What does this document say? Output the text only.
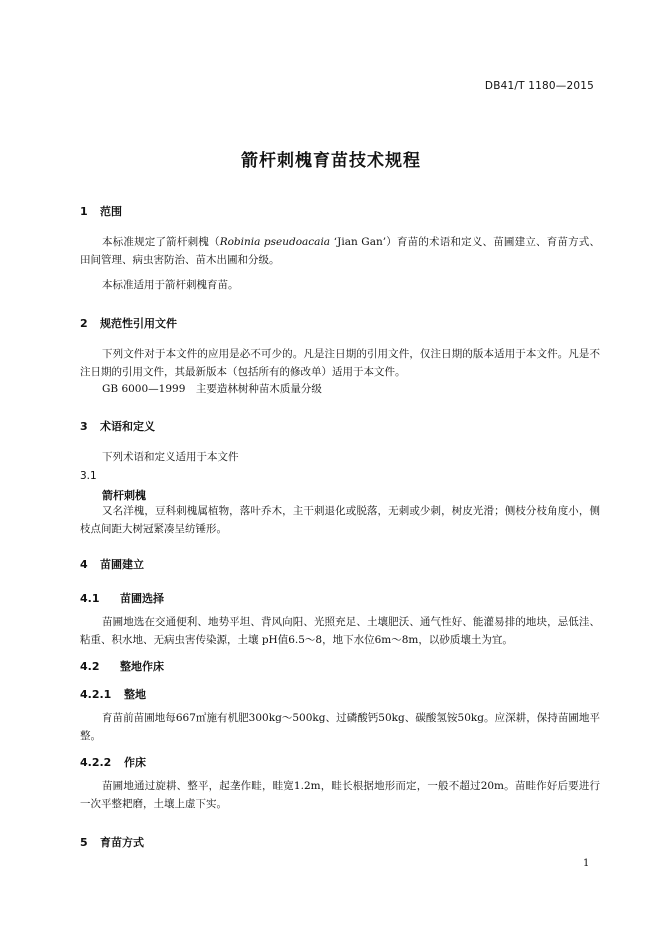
DB41/T 1180—2015
箭杆刺槐育苗技术规程
1 范围
本标准规定了箭杆刺槐（Robinia pseudoacaia ‘Jian Gan’）育苗的术语和定义、苗圃建立、育苗方式、田间管理、病虫害防治、苗木出圃和分级。
本标准适用于箭杆刺槐育苗。
2 规范性引用文件
下列文件对于本文件的应用是必不可少的。凡是注日期的引用文件，仅注日期的版本适用于本文件。凡是不注日期的引用文件，其最新版本（包括所有的修改单）适用于本文件。
GB 6000—1999　主要造林树种苗木质量分级
3 术语和定义
下列术语和定义适用于本文件
3.1
箭杆刺槐
又名洋槐，豆科刺槐属植物，落叶乔木，主干刺退化或脱落，无刺或少刺，树皮光滑；侧枝分枝角度小，侧枝点间距大树冠紧凑呈纺锤形。
4 苗圃建立
4.1 苗圃选择
苗圃地选在交通便利、地势平坦、背风向阳、光照充足、土壤肥沃、通气性好、能灌易排的地块，忌低洼、粘重、积水地、无病虫害传染源，土壤 pH值6.5～8，地下水位6m～8m，以砂质壤土为宜。
4.2 整地作床
4.2.1 整地
育苗前苗圃地每667㎡施有机肥300kg～500kg、过磷酸钙50kg、碳酸氢铵50kg。应深耕，保持苗圃地平整。
4.2.2 作床
苗圃地通过旋耕、整平，起垄作畦，畦宽1.2m，畦长根据地形而定，一般不超过20m。苗畦作好后要进行一次平整耙磨，土壤上虚下实。
5 育苗方式
1
